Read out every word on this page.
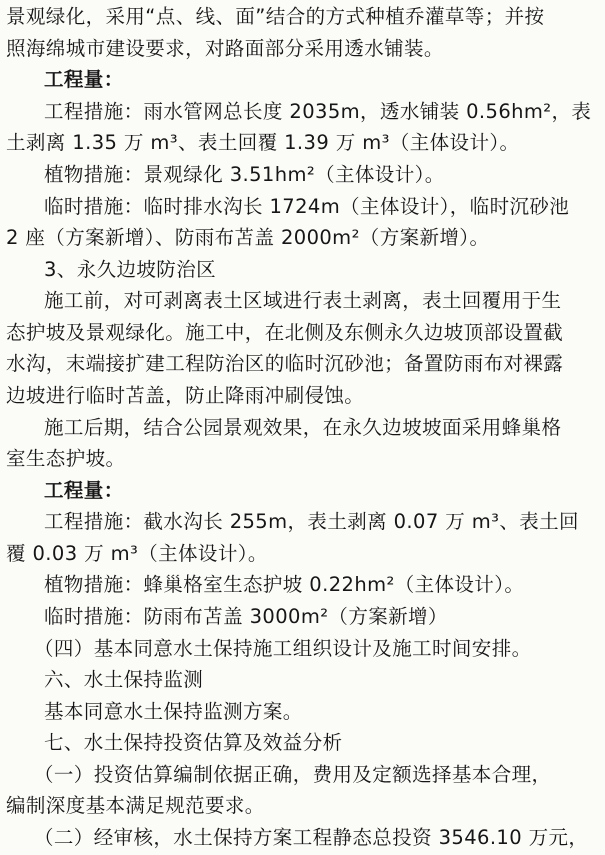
景观绿化，采用“点、线、面”结合的方式种植乔灌草等；并按
照海绵城市建设要求，对路面部分采用透水铺装。
工程量：
工程措施：雨水管网总长度 2035m，透水铺装 0.56hm²，表
土剥离 1.35 万 m³、表土回覆 1.39 万 m³（主体设计）。
植物措施：景观绿化 3.51hm²（主体设计）。
临时措施：临时排水沟长 1724m（主体设计），临时沉砂池
2 座（方案新增）、防雨布苫盖 2000m²（方案新增）。
3、永久边坡防治区
施工前，对可剥离表土区域进行表土剥离，表土回覆用于生
态护坡及景观绿化。施工中，在北侧及东侧永久边坡顶部设置截
水沟，末端接扩建工程防治区的临时沉砂池；备置防雨布对裸露
边坡进行临时苫盖，防止降雨冲刷侵蚀。
施工后期，结合公园景观效果，在永久边坡坡面采用蜂巢格
室生态护坡。
工程量：
工程措施：截水沟长 255m，表土剥离 0.07 万 m³、表土回
覆 0.03 万 m³（主体设计）。
植物措施：蜂巢格室生态护坡 0.22hm²（主体设计）。
临时措施：防雨布苫盖 3000m²（方案新增）
（四）基本同意水土保持施工组织设计及施工时间安排。
六、水土保持监测
基本同意水土保持监测方案。
七、水土保持投资估算及效益分析
（一）投资估算编制依据正确，费用及定额选择基本合理，
编制深度基本满足规范要求。
（二）经审核，水土保持方案工程静态总投资 3546.10 万元，
